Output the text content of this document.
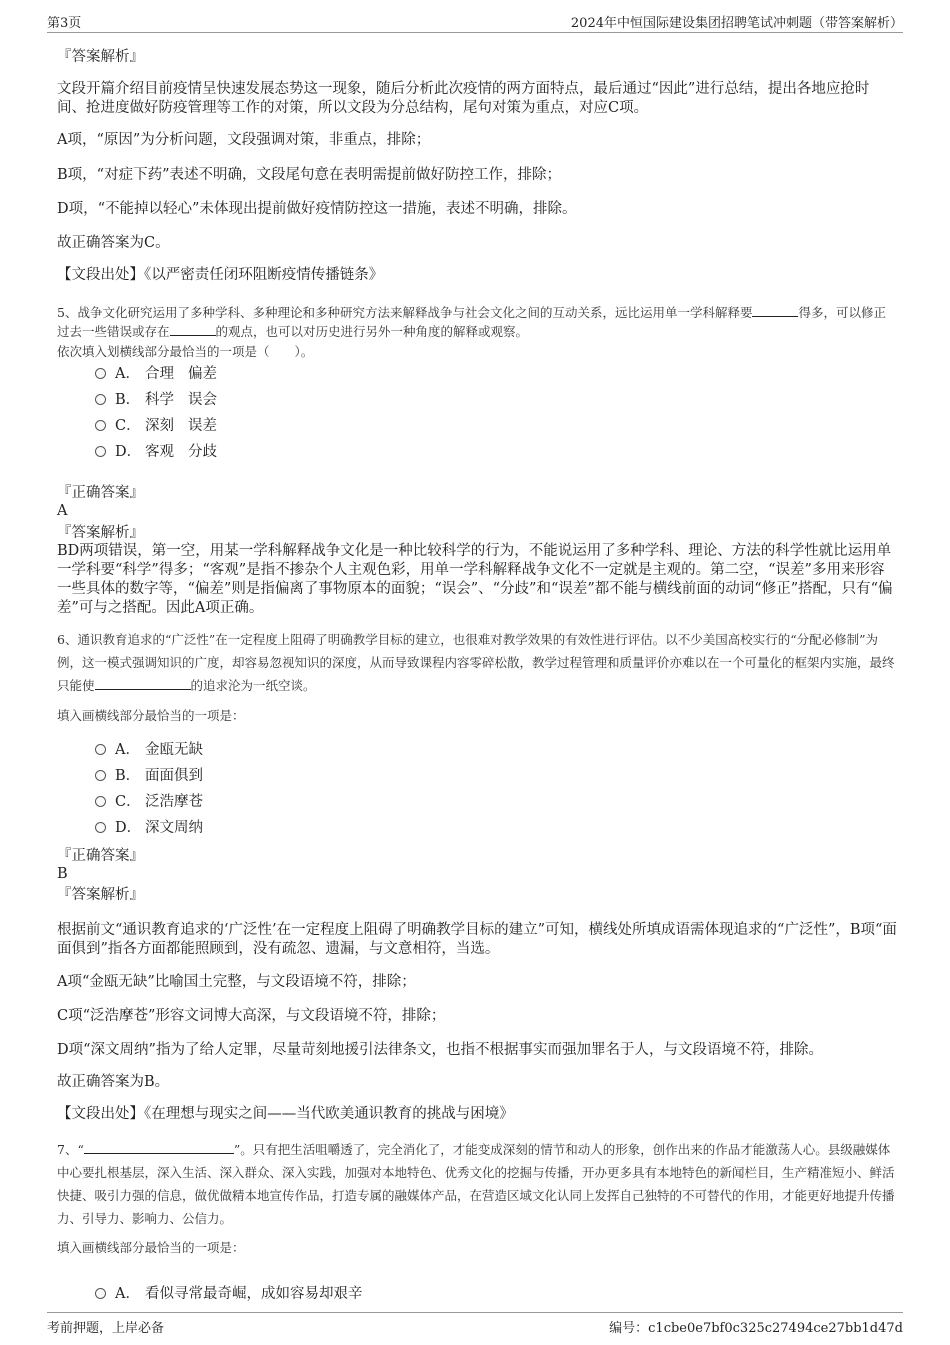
第3页	2024年中恒国际建设集团招聘笔试冲刺题（带答案解析）
『答案解析』
文段开篇介绍目前疫情呈快速发展态势这一现象，随后分析此次疫情的两方面特点，最后通过“因此”进行总结，提出各地应抢时间、抢进度做好防疫管理等工作的对策，所以文段为分总结构，尾句对策为重点，对应C项。
A项，“原因”为分析问题，文段强调对策，非重点，排除；
B项，“对症下药”表述不明确，文段尾句意在表明需提前做好防控工作，排除；
D项，“不能掉以轻心”未体现出提前做好疫情防控这一措施，表述不明确，排除。
故正确答案为C。
【文段出处】《以严密责任闭环阻断疫情传播链条》
5、战争文化研究运用了多种学科、多种理论和多种研究方法来解释战争与社会文化之间的互动关系，远比运用单一学科解释要	得多，可以修正过去一些错误或存在	的观点，也可以对历史进行另外一种角度的解释或观察。
依次填入划横线部分最恰当的一项是（　　）。
A． 合理 偏差
B． 科学 误会
C． 深刻 误差
D． 客观 分歧
『正确答案』
A
『答案解析』
BD两项错误，第一空，用某一学科解释战争文化是一种比较科学的行为，不能说运用了多种学科、理论、方法的科学性就比运用单一学科要“科学”得多；“客观”是指不掺杂个人主观色彩，用单一学科解释战争文化不一定就是主观的。第二空，“误差”多用来形容一些具体的数字等，“偏差”则是指偏离了事物原本的面貌；“误会”、“分歧”和“误差”都不能与横线前面的动词“修正”搭配，只有“偏差”可与之搭配。因此A项正确。
6、通识教育追求的“广泛性”在一定程度上阻碍了明确教学目标的建立，也很难对教学效果的有效性进行评估。以不少美国高校实行的“分配必修制”为例，这一模式强调知识的广度，却容易忽视知识的深度，从而导致课程内容零碎松散，教学过程管理和质量评价亦难以在一个可量化的框架内实施，最终只能使	的追求沦为一纸空谈。
填入画横线部分最恰当的一项是：
A． 金瓯无缺
B． 面面俱到
C． 泛浩摩苍
D． 深文周纳
『正确答案』
B
『答案解析』
根据前文“通识教育追求的‘广泛性’在一定程度上阻碍了明确教学目标的建立”可知，横线处所填成语需体现追求的“广泛性”，B项“面面俱到”指各方面都能照顾到，没有疏忽、遗漏，与文意相符，当选。
A项“金瓯无缺”比喻国土完整，与文段语境不符，排除；
C项“泛浩摩苍”形容文词博大高深，与文段语境不符，排除；
D项“深文周纳”指为了给人定罪，尽量苛刻地援引法律条文，也指不根据事实而强加罪名于人，与文段语境不符，排除。
故正确答案为B。
【文段出处】《在理想与现实之间——当代欧美通识教育的挑战与困境》
7、“	”。只有把生活咀嚼透了，完全消化了，才能变成深刻的情节和动人的形象，创作出来的作品才能激荡人心。县级融媒体中心要扎根基层，深入生活、深入群众、深入实践，加强对本地特色、优秀文化的挖掘与传播，开办更多具有本地特色的新闻栏目，生产精准短小、鲜活快捷、吸引力强的信息，做优做精本地宣传作品，打造专属的融媒体产品，在营造区域文化认同上发挥自己独特的不可替代的作用，才能更好地提升传播力、引导力、影响力、公信力。
填入画横线部分最恰当的一项是：
A． 看似寻常最奇崛，成如容易却艰辛
考前押题，上岸必备	编号：c1cbe0e7bf0c325c27494ce27bb1d47d
